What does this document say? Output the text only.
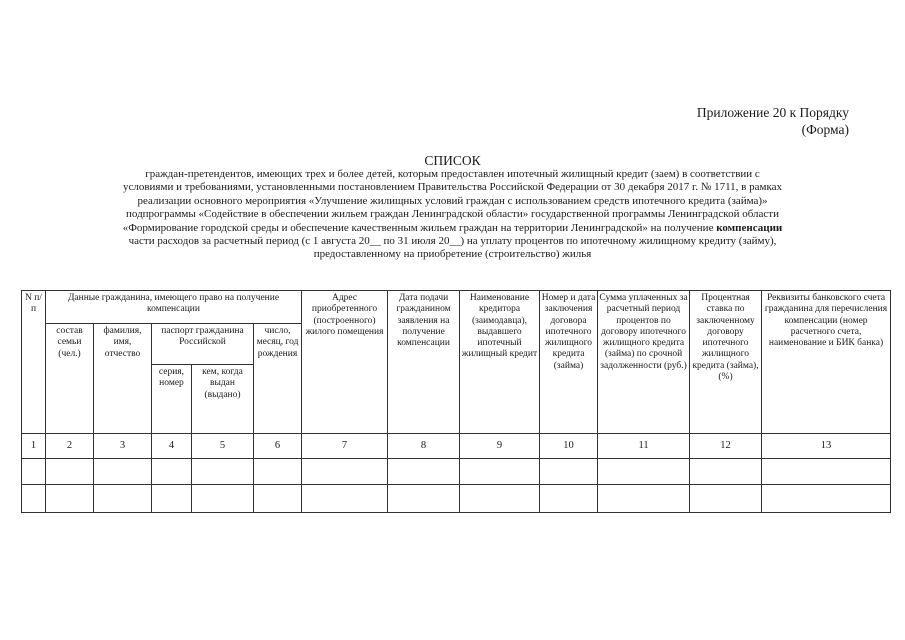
Приложение 20 к Порядку
(Форма)
СПИСОК
граждан-претендентов, имеющих трех и более детей, которым предоставлен ипотечный жилищный кредит (заем) в соответствии с
условиями и требованиями, установленными постановлением Правительства Российской Федерации от 30 декабря 2017 г. № 1711, в рамках
реализации основного мероприятия «Улучшение жилищных условий граждан с использованием средств ипотечного кредита (займа)»
подпрограммы «Содействие в обеспечении жильем граждан Ленинградской области» государственной программы Ленинградской области
«Формирование городской среды и обеспечение качественным жильем граждан на территории Ленинградской» на получение компенсации
части расходов за расчетный период (с 1 августа 20__ по 31 июля 20__) на уплату процентов по ипотечному жилищному кредиту (займу),
предоставленному на приобретение (строительство) жилья
N п/п	Данные гражданина, имеющего право на получение компенсации					Адрес приобретенного (построенного) жилого помещения	Дата подачи гражданином заявления на получение компенсации	Наименование кредитора (заимодавца), выдавшего ипотечный жилищный кредит	Номер и дата заключения договора ипотечного жилищного кредита (займа)	Сумма уплаченных за расчетный период процентов по договору ипотечного жилищного кредита (займа) по срочной задолженности (руб.)	Процентная ставка по заключенному договору ипотечного жилищного кредита (займа), (%)	Реквизиты банковского счета гражданина для перечисления компенсации (номер расчетного счета, наименование и БИК банка)
	состав семьи (чел.)	фамилия, имя, отчество	паспорт гражданина Российской		число, месяц, год рождения							
			серия, номер	кем, когда выдан (выдано)								
1	2	3	4	5	6	7	8	9	10	11	12	13
